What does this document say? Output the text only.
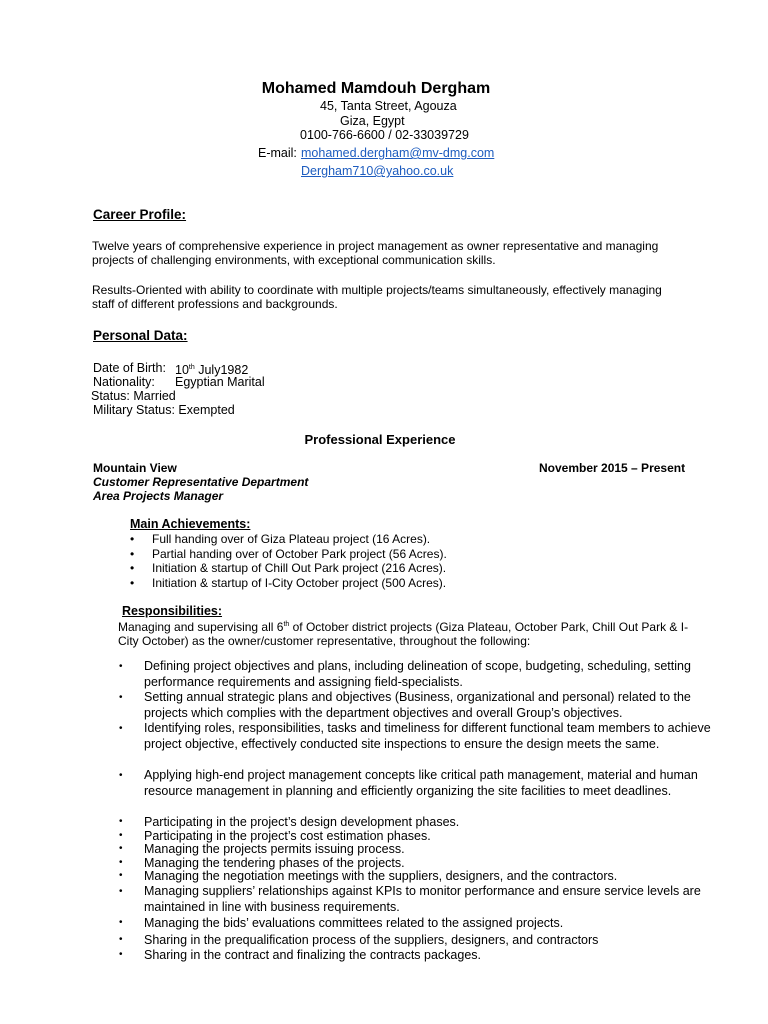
Mohamed Mamdouh Dergham
45, Tanta Street, Agouza
Giza, Egypt
0100-766-6600 / 02-33039729
E-mail: mohamed.dergham@mv-dmg.com
Dergham710@yahoo.co.uk
Career Profile:
Twelve years of comprehensive experience in project management as owner representative and managing projects of challenging environments, with exceptional communication skills.
Results-Oriented with ability to coordinate with multiple projects/teams simultaneously, effectively managing staff of different professions and backgrounds.
Personal Data:
Date of Birth: 10th July1982
Nationality: Egyptian Marital
Status: Married
Military Status: Exempted
Professional Experience
Mountain View	November 2015 – Present
Customer Representative Department
Area Projects Manager
Main Achievements:
• Full handing over of Giza Plateau project (16 Acres).
• Partial handing over of October Park project (56 Acres).
• Initiation & startup of Chill Out Park project (216 Acres).
• Initiation & startup of I-City October project (500 Acres).
Responsibilities:
Managing and supervising all 6th of October district projects (Giza Plateau, October Park, Chill Out Park & I-City October) as the owner/customer representative, throughout the following:
• Defining project objectives and plans, including delineation of scope, budgeting, scheduling, setting performance requirements and assigning field-specialists.
• Setting annual strategic plans and objectives (Business, organizational and personal) related to the projects which complies with the department objectives and overall Group’s objectives.
• Identifying roles, responsibilities, tasks and timeliness for different functional team members to achieve project objective, effectively conducted site inspections to ensure the design meets the same.
• Applying high-end project management concepts like critical path management, material and human resource management in planning and efficiently organizing the site facilities to meet deadlines.
• Participating in the project’s design development phases.
• Participating in the project’s cost estimation phases.
• Managing the projects permits issuing process.
• Managing the tendering phases of the projects.
• Managing the negotiation meetings with the suppliers, designers, and the contractors.
• Managing suppliers’ relationships against KPIs to monitor performance and ensure service levels are maintained in line with business requirements.
• Managing the bids’ evaluations committees related to the assigned projects.
• Sharing in the prequalification process of the suppliers, designers, and contractors
• Sharing in the contract and finalizing the contracts packages.
